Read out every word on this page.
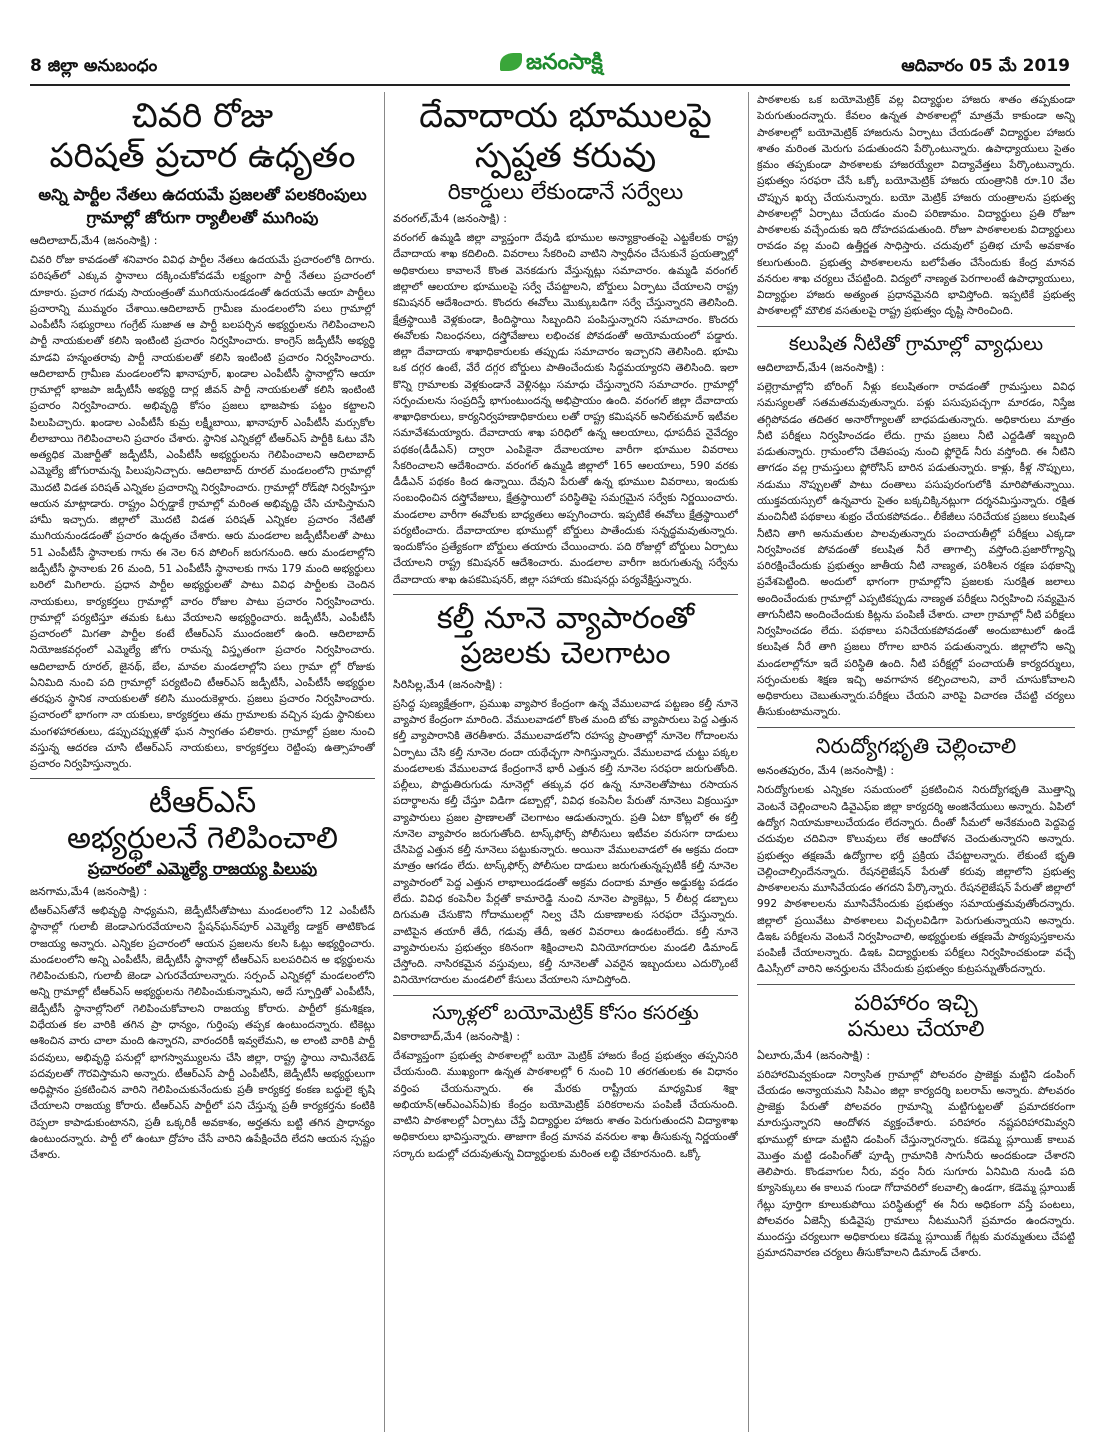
8 జిల్లా అనుబంధం	జనంసాక్షి	ఆదివారం 05 మే 2019
చివరి రోజు
పరిషత్ ప్రచార ఉధృతం
అన్ని పార్టీల నేతలు ఉదయమే ప్రజలతో పలకరింపులు
గ్రామాల్లో జోరుగా ర్యాలీలతో ముగింపు
ఆదిలాబాద్,మే4 (జనంసాక్షి) :

చివరి రోజు కావడంతో శనివారం వివిధ పార్టీల నేతలు ఉదయమే ప్రచారంలోకి దిగారు. పరిషత్‌లో ఎక్కువ స్థానాలు దక్కించుకోవడమే లక్ష్యంగా పార్టీ నేతలు ప్రచారంలో దూకారు. ప్రచార గడువు సాయంత్రంతో ముగియనుండడంతో ఉదయమే ఆయా పార్టీలు ప్రచారాన్ని ముమ్మరం చేశాయి.ఆదిలాబాద్ గ్రామీణ మండలంలోని పలు గ్రామాల్లో ఎంపీటీసీ సభ్యురాలు గంగ్రేట్ సుజాత ఆ పార్టీ బలపర్చిన అభ్యర్థులను గెలిపించాలని పార్టీ నాయకులతో కలిసి ఇంటింటి ప్రచారం నిర్వహించారు. కాంగ్రెస్ జడ్పీటీసీ అభ్యర్థి మాడవి హన్మంతరావు పార్టీ నాయకులతో కలిసి ఇంటింటి ప్రచారం నిర్వహించారు. ఆదిలాబాద్ గ్రామీణ మండలంలోని ఖానాపూర్, ఖండాల ఎంపీటీసీ స్థానాల్లోని ఆయా గ్రామాల్లో భాజపా జడ్పీటీసీ అభ్యర్థి దార్ల జీవన్ పార్టీ నాయకులతో కలిసి ఇంటింటి ప్రచారం నిర్వహించారు. అభివృద్ధి కోసం ప్రజలు భాజపాకు పట్టం కట్టాలని పిలుపిచ్చారు. ఖండాల ఎంపీటీసీ కుమ్ర లక్ష్మీబాయి, ఖానాపూర్ ఎంపీటీసీ మర్సుకోల లీలాబాయి గెలిపించాలని ప్రచారం చేశారు. స్థానిక ఎన్నికల్లో టీఆర్‌ఎస్ పార్టీకి ఓటు వేసి అత్యధిక మెజార్టీతో జడ్పీటీసీ, ఎంపీటీసీ అభ్యర్థులను గెలిపించాలని ఆదిలాబాద్ ఎమ్మెల్యే జోగురామన్న పిలుపునిచ్చారు. ఆదిలాబాద్ రూరల్ మండలంలోని గ్రామాల్లో మొదటి విడత పరిషత్ ఎన్నికల ప్రచారాన్ని నిర్వహించారు. గ్రామాల్లో రోడ్‌షో నిర్వహిస్తూ ఆయన మాట్లాడారు. రాష్ట్రం ఏర్పడ్డాకే గ్రామాల్లో మరింత అభివృద్ధి చేసి చూపిస్తామని హామీ ఇచ్చారు. జిల్లాలో మొదటి విడత పరిషత్ ఎన్నికల ప్రచారం నేటితో ముగియనుండడంతో ప్రచారం ఉధృతం చేశారు. ఆరు మండలాల జడ్పీటీసీలతో పాటు 51 ఎంపీటీసీ స్థానాలకు గాను ఈ నెల 6న పోలింగ్ జరుగనుంది. ఆరు మండలాల్లోని జడ్పీటీసీ స్థానాలకు 26 మంది, 51 ఎంపీటీసీ స్థానాలకు గాను 179 మంది అభ్యర్థులు బరిలో మిగిలారు. ప్రధాన పార్టీల అభ్యర్థులతో పాటు వివిధ పార్టీలకు చెందిన నాయకులు, కార్యకర్తలు గ్రామాల్లో వారం రోజుల పాటు ప్రచారం నిర్వహించారు. గ్రామాల్లో పర్యటిస్తూ తమకు ఓటు వేయాలని అభ్యర్థించారు. జడ్పీటీసీ, ఎంపీటీసీ ప్రచారంలో మిగతా పార్టీల కంటే టీఆర్‌ఎస్ ముందంజలో ఉంది. ఆదిలాబాద్ నియోజకవర్గంలో ఎమ్మెల్యే జోగు రామన్న విస్తృతంగా ప్రచారం నిర్వహించారు. ఆదిలాబాద్ రూరల్, జైనథ్, బేల, మావల మండలాల్లోని పలు గ్రామా ల్లో రోజుకు ఏనిమిది నుంచి పది గ్రామాల్లో పర్యటించి టీఆర్‌ఎస్ జడ్పీటీసీ, ఎంపీటీసీ అభ్యర్థుల తరఫున స్థానిక నాయకులతో కలిసి ముందుకెళ్లారు. ప్రజలు ప్రచారం నిర్వహించారు. ప్రచారంలో భాగంగా నా యకులు, కార్యకర్తలు తమ గ్రామాలకు వచ్చిన పుడు స్థానికులు మంగళహారతులు, డప్పుచప్పుళ్లతో ఘన స్వాగతం పలికారు. గ్రామాల్లో ప్రజల నుంచి వస్తున్న ఆదరణ చూసి టీఆర్‌ఎస్ నాయకులు, కార్యకర్తలు రెట్టింపు ఉత్సాహంతో ప్రచారం నిర్వహిస్తున్నారు.

టీఆర్ఎస్
అభ్యర్థులనే గెలిపించాలి
ప్రచారంలో ఎమ్మెల్యే రాజయ్య పిలుపు
జనగామ,మే4 (జనంసాక్షి) :

టీఆర్‌ఎస్‌తోనే అభివృద్ధి సాధ్యమని, జెడ్పీటీసీతోపాటు మండలంలోని 12 ఎంపీటీసీ స్థానాల్లో గులాబీ జెండాఎగురవేయాలని స్టేషన్‌ఘన్‌పూర్ ఎమ్మెల్యే డాక్టర్ తాటికొండ రాజయ్య అన్నారు. ఎన్నికల ప్రచారంలో ఆయన ప్రజలను కలసి ఓట్లు అభ్యర్థించారు. మండలంలోని అన్ని ఎంపీటీసీ, జెడ్పీటీసీ స్థానాల్లో టీఆర్‌ఎస్ బలపరిచిన అ భ్యర్థులను గెలిపించుకుని, గులాబీ జెండా ఎగురవేయాలన్నారు. సర్పంచ్ ఎన్నికల్లో మండలంలోని అన్ని గ్రామాల్లో టీఆర్‌ఎస్ అభ్యర్థులను గెలిపించుకున్నామని, అదే స్ఫూర్తితో ఎంపీటీసీ, జెడ్పీటీసీ స్థానాల్లోనిలో గెలిపించుకోవాలని రాజయ్య కోరారు. పార్టీలో క్రమశిక్షణ, విధేయత కల వారికి తగిన ప్రా ధాన్యం, గుర్తింపు తప్పక ఉంటుందన్నారు. టికెట్లు ఆశించిన వారు చాలా మంది ఉన్నారని, వారందరికీ ఇవ్వలేమని, అ లాంటి వారికి పార్టీ పదవులు, అభివృద్ధి పనుల్లో భాగస్వామ్యులను చేసి జిల్లా, రాష్ట్ర స్థాయి నామినేటెడ్ పదవులతో గౌరవిస్తామని అన్నారు. టీఆర్‌ఎస్ పార్టీ ఎంపీటీసీ, జెడ్పీటీసీ అభ్యర్థులుగా అధిష్టానం ప్రకటించిన వారిని గెలిపించుకునేందుకు ప్రతీ కార్యకర్త కంకణ బద్ధులై కృషి చేయాలని రాజయ్య కోరారు. టీఆర్‌ఎస్ పార్టీలో పని చేస్తున్న ప్రతీ కార్యకర్తను కంటికి రెప్పలా కాపాడుకుంటానని, ప్రతీ ఒక్కరికీ అవకాశం, అర్హతను బట్టి తగిన ప్రాధాన్యం ఉంటుందన్నారు. పార్టీ లో ఉంటూ ద్రోహం చేసే వారిని ఉపేక్షించేది లేదని ఆయన స్పష్టం చేశారు.

దేవాదాయ భూములపై
స్పష్టత కరువు
రికార్డులు లేకుండానే సర్వేలు
వరంగల్,మే4 (జనంసాక్షి) :

వరంగల్ ఉమ్మడి జిల్లా వ్యాప్తంగా దేవుడి భూముల అన్యాక్రాంతంపై ఎట్టకేలకు రాష్ట్ర దేవాదాయ శాఖ కదిలింది. వివరాలు సేకరించి వాటిని స్వాధీనం చేసుకునే ప్రయత్నాల్లో అధికారులు కావాలనే కొంత వెనకడుగు వేస్తున్నట్లు సమాచారం. ఉమ్మడి వరంగల్ జిల్లాలో ఆలయాల భూములపై సర్వే చేపట్టాలని, బోర్డులు ఏర్పాటు చేయాలని రాష్ట్ర కమిషనర్ ఆదేశించారు. కొందరు ఈవోలు మొక్కుబడిగా సర్వే చేస్తున్నారని తెలిసింది. క్షేత్రస్థాయికి వెళ్లకుండా, కిందిస్థాయి సిబ్బందిని పంపిస్తున్నారని సమాచారం. కొందరు ఈవోలకు నిబంధనలు, దస్త్రోవేజులు లభించక పోవడంతో అయోమయంలో పడ్డారు. జిల్లా దేవాదాయ శాఖాధికారులకు తప్పుడు సమాచారం ఇచ్చారని తెలిసింది. భూమి ఒక దగ్గర ఉంటే, వేరే దగ్గర బోర్డులు పాతించేందుకు సిద్ధమయ్యారని తెలిసింది. ఇలా కొన్ని గ్రామాలకు వెళ్లకుండానే వెళ్లినట్లు సమాధు చేస్తున్నారని సమాచారం. గ్రామాల్లో సర్పంచులను సంప్రదిస్తే భాగుంటుందన్న అభిప్రాయం ఉంది. వరంగల్ జిల్లా దేవాదాయ శాఖాధికారులు, కార్యనిర్వహణాధికారులు లతో రాష్ట్ర కమిషనర్ అనిల్‌కుమార్ ఇటీవల సమావేశమయ్యారు. దేవాదాయ శాఖ పరిధిలో ఉన్న ఆలయాలు, ధూపదీప నైవేద్యం పథకం(డీడీఎన్) ద్వారా ఎంపికైనా దేవాలయాల వారీగా భూముల వివరాలు సేకరించాలని ఆదేశించారు. వరంగల్ ఉమ్మడి జిల్లాలో 165 ఆలయాలు, 590 వరకు డీడీఎన్ పథకం కింద ఉన్నాయి. దేవుని పేరుతో ఉన్న భూముల వివరాలు, ఇందుకు సంబంధించిన దస్త్రోవేజులు, క్షేత్రస్థాయిలో పరిస్థితిపై సమగ్రమైన సర్వేకు నిర్ణయించారు. మండలాల వారీగా ఈవోలకు బాధ్యతలు అప్పగించారు. ఇప్పటికే ఈవోలు క్షేత్రస్థాయిలో పర్యటించారు. దేవాదాయాల భూముల్లో బోర్డులు పాతేందుకు సన్నద్ధమవుతున్నారు. ఇందుకోసం ప్రత్యేకంగా బోర్డులు తయారు చేయించారు. పది రోజుల్లో బోర్డులు ఏర్పాటు చేయాలని రాష్ట్ర కమిషనర్ ఆదేశించారు. మండలాల వారీగా జరుగుతున్న సర్వేను దేవాదాయ శాఖ ఉపకమిషనర్, జిల్లా సహాయ కమిషనర్లు పర్యవేక్షిస్తున్నారు.

కల్తీ నూనె వ్యాపారంతో
ప్రజలకు చెలగాటం
సిరిసిల్ల,మే4 (జనంసాక్షి) :

ప్రసిద్ధ పుణ్యక్షేత్రంగా, ప్రముఖ వ్యాపార కేంద్రంగా ఉన్న వేములవాడ పట్టణం కల్తీ నూనె వ్యాపార కేంద్రంగా మారింది. వేములవాడలో కొంత మంది బోకు వ్యాపారులు పెద్ద ఎత్తున కల్తీ వ్యాపారానికి తెరతీశారు. వేములవాడలోని రహస్య ప్రాంతాల్లో నూనెల గోదాంలను ఏర్పాటు చేసి కల్తీ నూనెల దందా యథేచ్ఛగా సాగిస్తున్నారు. వేములవాడ చుట్టు పక్కల మండలాలకు వేములవాడ కేంద్రంగానే భారీ ఎత్తున కల్తీ నూనెల సరఫరా జరుగుతోంది. పల్లీలు, పొద్దుతిరుగుడు నూనెల్లో తక్కువ ధర ఉన్న నూనెలతోపాటు రసాయన పదార్థాలను కల్తీ చేస్తూ విడిగా డబ్బాల్లో, వివిధ కంపెనీల పేరుతో నూనెలు విక్రయిస్తూ వ్యాపారులు ప్రజల ప్రాణాలతో చెలగాటం ఆడుతున్నారు. ప్రతి ఏటా కోట్లలో ఈ కల్తీ నూనెల వ్యాపారం జరుగుతోంది. టాస్క్‌ఫోర్స్ పోలీసులు ఇటీవల వరుసగా దాడులు చేసిపెద్ద ఎత్తున కల్తీ నూనెలు పట్టుకున్నారు. అయినా వేములవాడలో ఈ అక్రమ దందా మాత్రం ఆగడం లేదు. టాస్క్‌ఫోర్స్ పోలీసుల దాడులు జరుగుతున్నప్పటికీ కల్తీ నూనెల వ్యాపారంలో పెద్ద ఎత్తున లాభాలుండడంతో అక్రమ దందాకు మాత్రం అడ్డుకట్ట పడడం లేదు. వివిధ కంపెనీల పేర్లతో కామారెడ్డి నుంచి నూనెల ప్యాకెట్లు, 5 లీటర్ల డబ్బాలు దిగుమతి చేసుకొని గోదాములల్లో నిల్వ చేసి దుకాణాలకు సరఫరా చేస్తున్నారు. వాటిపైన తయారీ తేదీ, గడువు తేదీ, ఇతర వివరాలు ఉండటంలేదు. కల్తీ నూనె వ్యాపారులను ప్రభుత్వం కఠినంగా శిక్షించాలని వినియోగదారుల మండలి డిమాండ్ చేస్తోంది. నాసిరకమైన వస్తువులు, కల్తీ నూనెలతో ఎవరైన ఇబ్బందులు ఎదుర్కొంటే వినియోగదారుల మండలిలో కేసులు వేయాలని సూచిస్తోంది.

స్కూళ్లలో బయోమెట్రిక్ కోసం కసరత్తు
వికారాబాద్,మే4 (జనంసాక్షి) :

దేశవ్యాప్తంగా ప్రభుత్వ పాఠశాలల్లో బయో మెట్రిక్ హాజరు కేంద్ర ప్రభుత్వం తప్పనిసరి చేయనుంది. ముఖ్యంగా ఉన్నత పాఠశాలల్లో 6 నుంచి 10 తరగతులకు ఈ విధానం వర్తింప చేయనున్నారు. ఈ మేరకు రాష్ట్రీయ మాధ్యమిక శిక్షా అభియాన్(ఆర్ఎంఎస్ఏ)కు కేంద్రం బయోమెట్రిక్ పరికరాలను పంపిణీ చేయనుంది. వాటిని పాఠశాలల్లో ఏర్పాటు చేస్తే విద్యార్థుల హాజరు శాతం పెరుగుతుందని విద్యాశాఖ అధికారులు భావిస్తున్నారు. తాజాగా కేంద్ర మానవ వనరుల శాఖ తీసుకున్న నిర్ణయంతో సర్కారు బడుల్లో చదువుతున్న విద్యార్థులకు మరింత లబ్ధి చేకూరనుంది. ఒక్కో

పాఠశాలకు ఒక బయోమెట్రిక్ వల్ల విద్యార్థుల హాజరు శాతం తప్పకుండా పెరుగుతుందన్నారు. కేవలం ఉన్నత పాఠశాలల్లో మాత్రమే కాకుండా అన్ని పాఠశాలల్లో బయోమెట్రిక్ హాజరును ఏర్పాటు చేయడంతో విద్యార్థుల హాజరు శాతం మరింత మెరుగు పడుతుందని పేర్కొంటున్నారు. ఉపాధ్యాయులు సైతం క్రమం తప్పకుండా పాఠశాలకు హాజరయ్యేలా విద్యావేత్తలు పేర్కొంటున్నారు. ప్రభుత్వం సరఫరా చేసే ఒక్కో బయోమెట్రిక్ హాజరు యంత్రానికి రూ.10 వేల చొప్పున ఖర్చు చేయనున్నారు. బయో మెట్రిక్ హాజరు యంత్రాలను ప్రభుత్వ పాఠశాలల్లో ఏర్పాటు చేయడం మంచి పరిణామం. విద్యార్థులు ప్రతి రోజూ పాఠశాలకు వచ్చేందుకు ఇది దోహదపడుతుంది. రోజూ పాఠశాలలకు విద్యార్థులు రావడం వల్ల మంచి ఉత్తీర్ణత సాధిస్తారు. చదువులో ప్రతిభ చూపే అవకాశం కలుగుతుంది. ప్రభుత్వ పాఠశాలలను బలోపేతం చేసేందుకు కేంద్ర మానవ వనరుల శాఖ చర్యలు చేపట్టింది. విద్యలో నాణ్యత పెరగాలంటే ఉపాధ్యాయులు, విద్యార్థుల హాజరు అత్యంత ప్రధానమైనది భావిస్తోంది. ఇప్పటికే ప్రభుత్వ పాఠశాలల్లో మౌలిక వసతులపై రాష్ట్ర ప్రభుత్వం దృష్టి సారించింది.

కలుషిత నీటితో గ్రామాల్లో వ్యాధులు
ఆదిలాబాద్,మే4 (జనంసాక్షి) :

పల్లెగ్రామాల్లోని బోరింగ్ నీళ్లు కలుషితంగా రావడంతో గ్రామస్తులు వివిధ సమస్యలతో సతమతమవుతున్నారు. పళ్లు పసుపుపచ్చగా మారడం, నిస్తేజ తగ్గిపోవడం తదితర అనారోగ్యాలతో బాధపడుతున్నారు. అధికారులు మాత్రం నీటి పరీక్షలు నిర్వహించడం లేదు. గ్రామ ప్రజలు నీటి ఎద్దడితో ఇబ్బంది పడుతున్నారు. గ్రామంలోని చేతిపంపు నుంచి ఫ్లోరైడ్ నీరు వస్తోంది. ఈ నీటిని తాగడం వల్ల గ్రామస్తులు ఫ్లోరోసిస్ బారిన పడుతున్నారు. కాళ్లు, కీళ్ల నొప్పులు, నడుము నొప్పులతో పాటు దంతాలు పసుపురంగులోకి మారిపోతున్నాయి. యుక్తవయస్సులో ఉన్నవారు సైతం బక్కచిక్కినట్లుగా దర్శనమిస్తున్నారు. రక్షిత మంచినీటి పథకాలు శుభ్రం చేయకపోవడం.. లీకేజీలు సరిచేయక ప్రజలు కలుషిత నీటిని తాగి అనుమతుల పాలవుతున్నారు పంచాయతీల్లో పరీక్షలు ఎక్కడా నిర్వహించక పోవడంతో కలుషిత నీరే తాగాల్సి వస్తోంది.ప్రజారోగ్యాన్ని పరిరక్షించేందుకు ప్రభుత్వం జాతీయ నీటి నాణ్యత, పరిశీలన రక్షణ పథకాన్ని ప్రవేశపెట్టింది. అందులో భాగంగా గ్రామాల్లోని ప్రజలకు సురక్షిత జలాలు అందించేందుకు గ్రామాల్లో ఎప్పటికప్పుడు నాణ్యత పరీక్షలు నిర్వహించి సవ్యమైన తాగునీటిని అందించేందుకు కిట్లను పంపిణీ చేశారు. చాలా గ్రామాల్లో నీటి పరీక్షలు నిర్వహించడం లేదు. పథకాలు పనిచేయకపోవడంతో అందుబాటులో ఉండే కలుషిత నీరే తాగి ప్రజలు రోగాల బారిన పడుతున్నారు. జిల్లాలోని అన్ని మండలాల్లోనూ ఇదే పరిస్థితి ఉంది. నీటి పరీక్షల్లో పంచాయతీ కార్యదర్శులు, సర్పంచులకు శిక్షణ ఇచ్చి అవగాహన కల్పించాలని, వారే చూసుకోవాలని అధికారులు చెబుతున్నారు.పరీక్షలు చేయని వారిపై విచారణ చేపట్టి చర్యలు తీసుకుంటామన్నారు.

నిరుద్యోగభృతి చెల్లించాలి
అనంతపురం, మే4 (జనంసాక్షి) :

నిరుద్యోగులకు ఎన్నికల సమయంలో ప్రకటించిన నిరుద్యోగభృతి మొత్తాన్ని వెంటనే చెల్లించాలని డివైఎఫ్ఐ జిల్లా కార్యదర్శి అంజినేయులు అన్నారు. ఏపిలో ఉద్యోగ నియామకాలుచేయడం లేదన్నారు. దీంతో సీమలో అనేకమంది పెద్దపెద్ద చదువుల చదివినా కొలువులు లేక ఆందోళన చెందుతున్నారని అన్నారు. ప్రభుత్వం తక్షణమే ఉద్యోగాల భర్తీ ప్రక్రియ చేపట్టాలన్నారు. లేకుంటే భృతి చెల్లించాల్సిందేనన్నారు. రేషనలైజేషన్ పేరుతో కరువు జిల్లాలోని ప్రభుత్వ పాఠశాలలను మూసివేయడం తగదని పేర్కొన్నారు. రేషనలైజేషన్ పేరుతో జిల్లాలో 992 పాఠశాలలను మూసివేసేందుకు ప్రభుత్వం సమాయత్తమవుతోందన్నారు. జిల్లాలో ప్రయివేటు పాఠశాలలు విచ్చలవిడిగా పెరుగుతున్నాయని అన్నారు. డిఇఓ పరీక్షలను వెంటనే నిర్వహించాలి, అభ్యర్థులకు తక్షణమే పాఠ్యపుస్తకాలను పంపిణీ చేయాలన్నారు. డిఇఓ విద్యార్థులకు పరీక్షలు నిర్వహించకుండా వచ్చే డిఎస్సీలో వారిని అనర్హులను చేసేందుకు ప్రభుత్వం కుట్రపన్నుతోందన్నారు.

పరిహారం ఇచ్చి
పనులు చేయాలి
ఏలూరు,మే4 (జనంసాక్షి) :

పరిహారమివ్వకుండా నిర్వాసిత గ్రామాల్లో పోలవరం ప్రాజెక్టు మట్టిని డంపింగ్ చేయడం అన్యాయమని సిపిఎం జిల్లా కార్యదర్శి బలరామ్ అన్నారు. పోలవరం ప్రాజెక్టు పేరుతో పోలవరం గ్రామాన్ని మట్టిగుట్టలతో ప్రమాదకరంగా మారుస్తున్నారని ఆందోళన వ్యక్తంచేశారు. పరిహారం నష్టపరిహారమివ్వని భూముల్లో కూడా మట్టిని డంపింగ్ చేస్తున్నారన్నారు. కడెమ్మ స్లూయిజ్ కాలువ మొత్తం మట్టి డంపింగ్‌తో పూడ్చి గ్రామానికి సాగునీరు అందకుండా చేశారని తెలిపారు. కొండవాగుల నీరు, వర్షం నీరు సుగూరు ఏనిమిది నుండి పది క్యూసెక్కులు ఈ కాలువ గుండా గోదావరిలో కలవాల్సి ఉండగా, కడెమ్మ స్లూయిజ్ గేట్లు పూర్తిగా కూలుకుపోయి పరిస్థితుల్లో ఈ నీరు అధికంగా వస్తే పంటలు, పోలవరం ఏజెన్సీ కుడివైపు గ్రామాలు నీటమునిగే ప్రమాదం ఉందన్నారు. ముందస్తు చర్యలుగా అధికారులు కడెమ్మ స్లూయిజ్ గేట్లకు మరమ్మతులు చేపట్టి ప్రమాదనివారణ చర్యలు తీసుకోవాలని డిమాండ్ చేశారు.
